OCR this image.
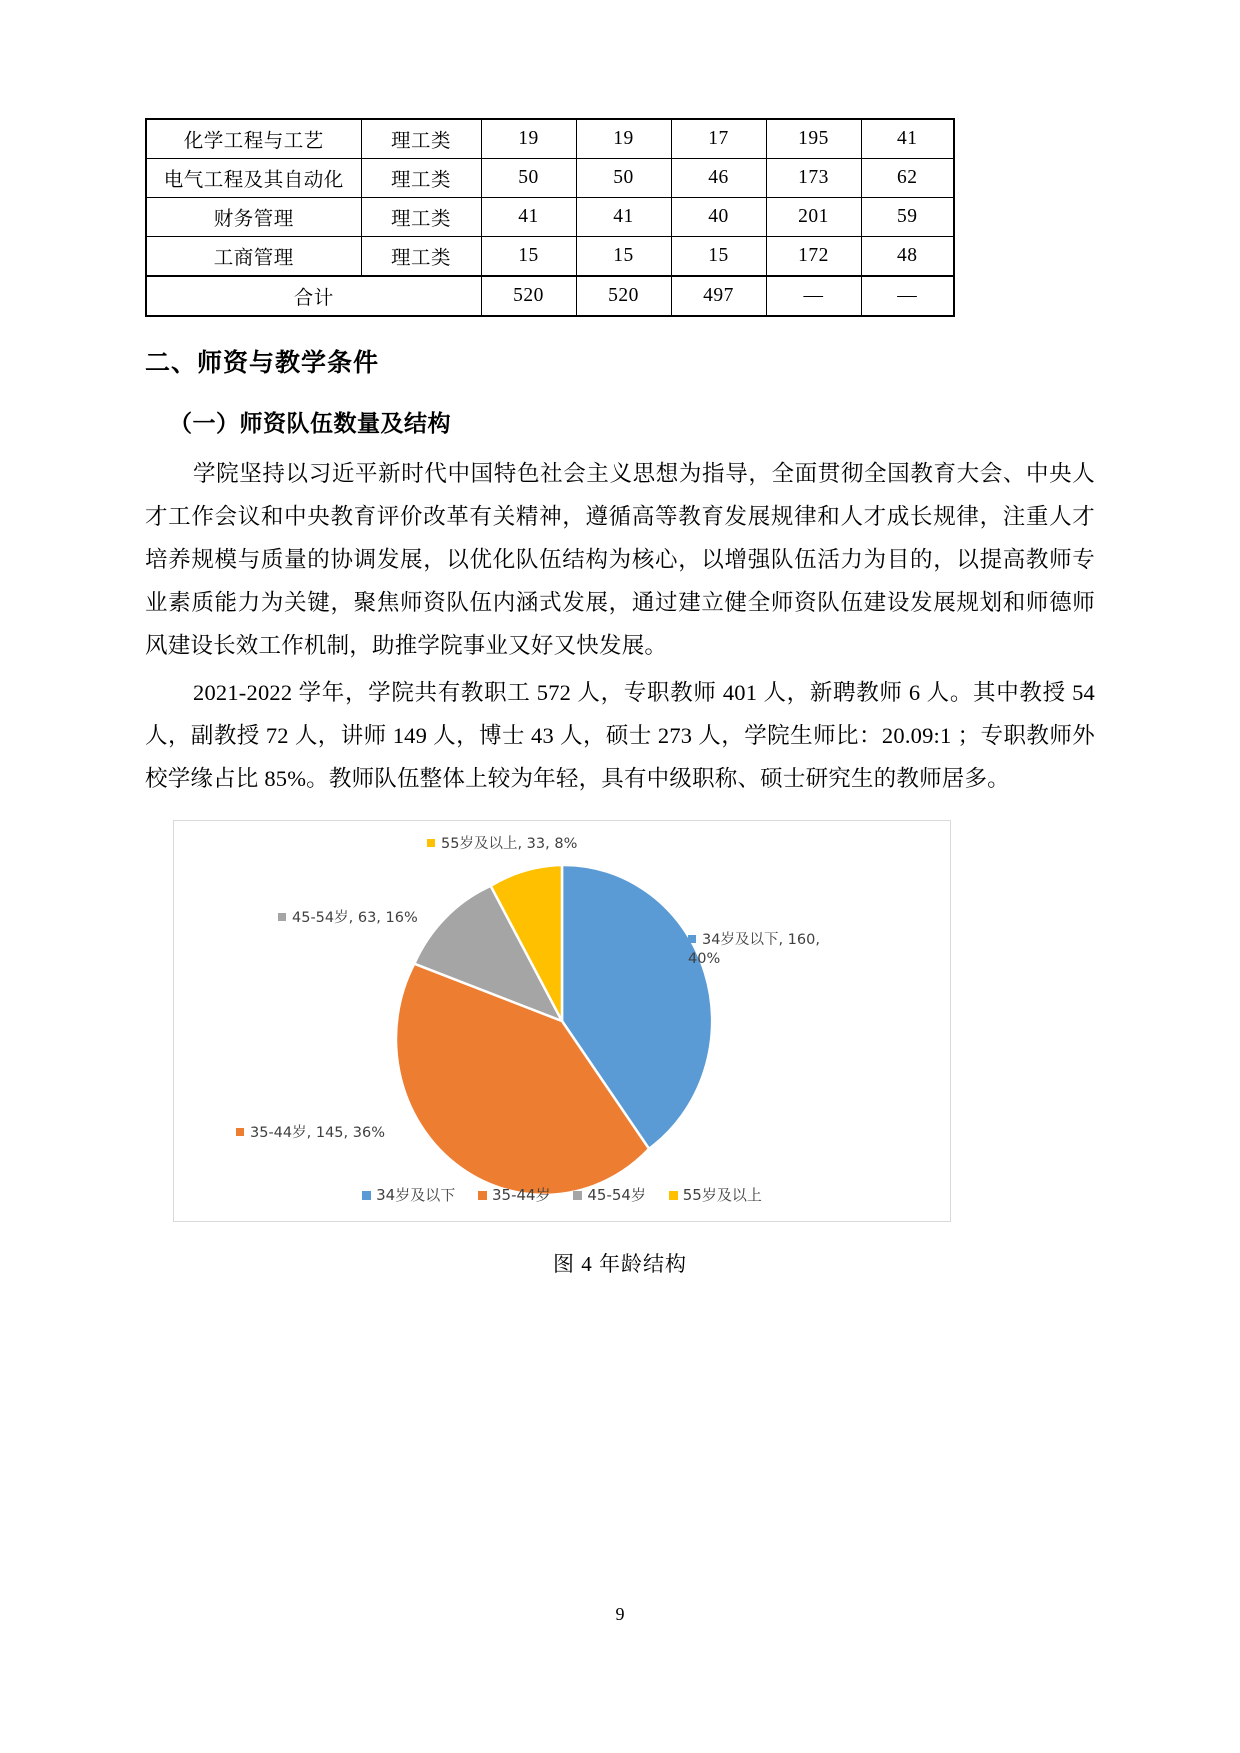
化学工程与工艺	理工类	19	19	17	195	41
电气工程及其自动化	理工类	50	50	46	173	62
财务管理	理工类	41	41	40	201	59
工商管理	理工类	15	15	15	172	48
合计		520	520	497	—	—
二、师资与教学条件
（一）师资队伍数量及结构

学院坚持以习近平新时代中国特色社会主义思想为指导，全面贯彻全国教育大会、中央人才工作会议和中央教育评价改革有关精神，遵循高等教育发展规律和人才成长规律，注重人才培养规模与质量的协调发展，以优化队伍结构为核心，以增强队伍活力为目的，以提高教师专业素质能力为关键，聚焦师资队伍内涵式发展，通过建立健全师资队伍建设发展规划和师德师风建设长效工作机制，助推学院事业又好又快发展。

2021-2022 学年，学院共有教职工 572 人，专职教师 401 人，新聘教师 6 人。其中教授 54 人，副教授 72 人，讲师 149 人，博士 43 人，硕士 273 人，学院生师比：20.09:1 ；专职教师外校学缘占比 85%。教师队伍整体上较为年轻，具有中级职称、硕士研究生的教师居多。

55岁及以上, 33, 8%
45-54岁, 63, 16%
34岁及以下, 160, 40%
35-44岁, 145, 36%
34岁及以下 35-44岁 45-54岁 55岁及以上
图 4 年龄结构
9
